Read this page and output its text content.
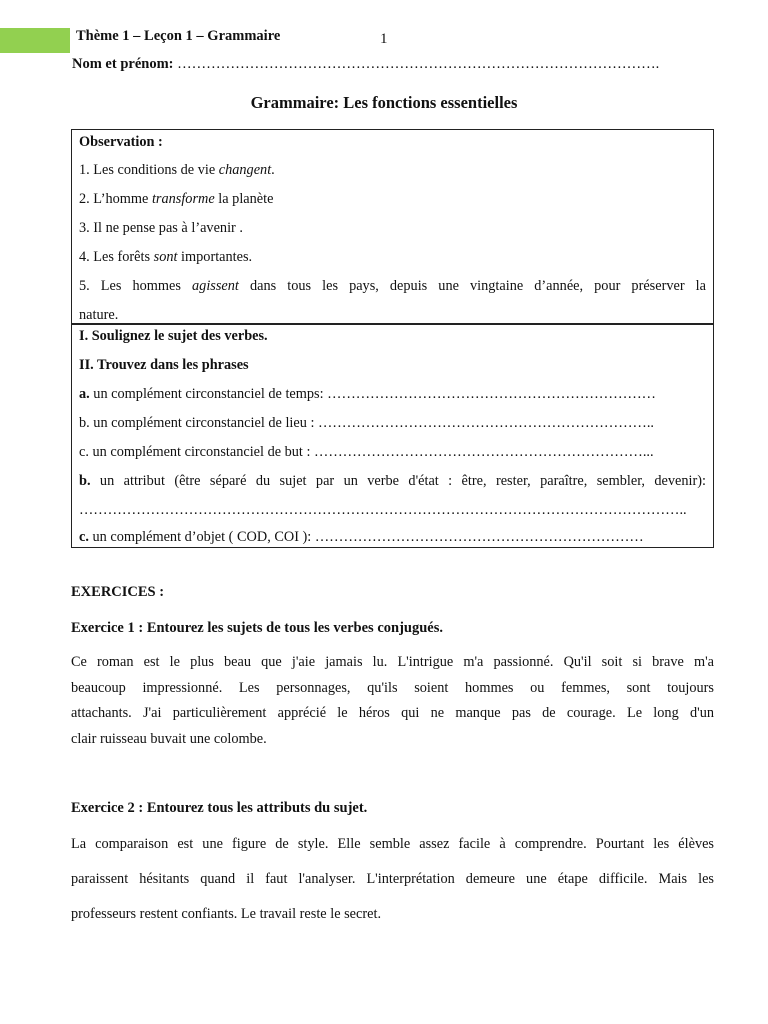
Thème 1 – Leçon 1 – Grammaire	1
Nom et prénom: ……………………………………………………………………………………….
Grammaire: Les fonctions essentielles
Observation :
1. Les conditions de vie changent.
2. L’homme transforme la planète
3. Il ne pense pas à l’avenir .
4. Les forêts sont importantes.
5. Les hommes agissent dans tous les pays, depuis une vingtaine d’année, pour préserver la
nature.
I. Soulignez le sujet des verbes.
II. Trouvez dans les phrases
a. un complément circonstanciel de temps: ……………………………………………………………
b. un complément circonstanciel de lieu : ……………………………………………………………..
c. un complément circonstanciel de but : ……………………………………………………………...
b. un attribut (être séparé du sujet par un verbe d'état : être, rester, paraître, sembler, devenir):
………………………………………………………………………………………………………………..
c. un complément d’objet ( COD, COI ): ……………………………………………………………
EXERCICES :
Exercice 1 : Entourez les sujets de tous les verbes conjugués.
Ce roman est le plus beau que j'aie jamais lu. L'intrigue m'a passionné. Qu'il soit si brave m'a
beaucoup impressionné. Les personnages, qu'ils soient hommes ou femmes, sont toujours
attachants. J'ai particulièrement apprécié le héros qui ne manque pas de courage. Le long d'un
clair ruisseau buvait une colombe.
Exercice 2 : Entourez tous les attributs du sujet.
La comparaison est une figure de style. Elle semble assez facile à comprendre. Pourtant les élèves
paraissent hésitants quand il faut l'analyser. L'interprétation demeure une étape difficile. Mais les
professeurs restent confiants. Le travail reste le secret.
